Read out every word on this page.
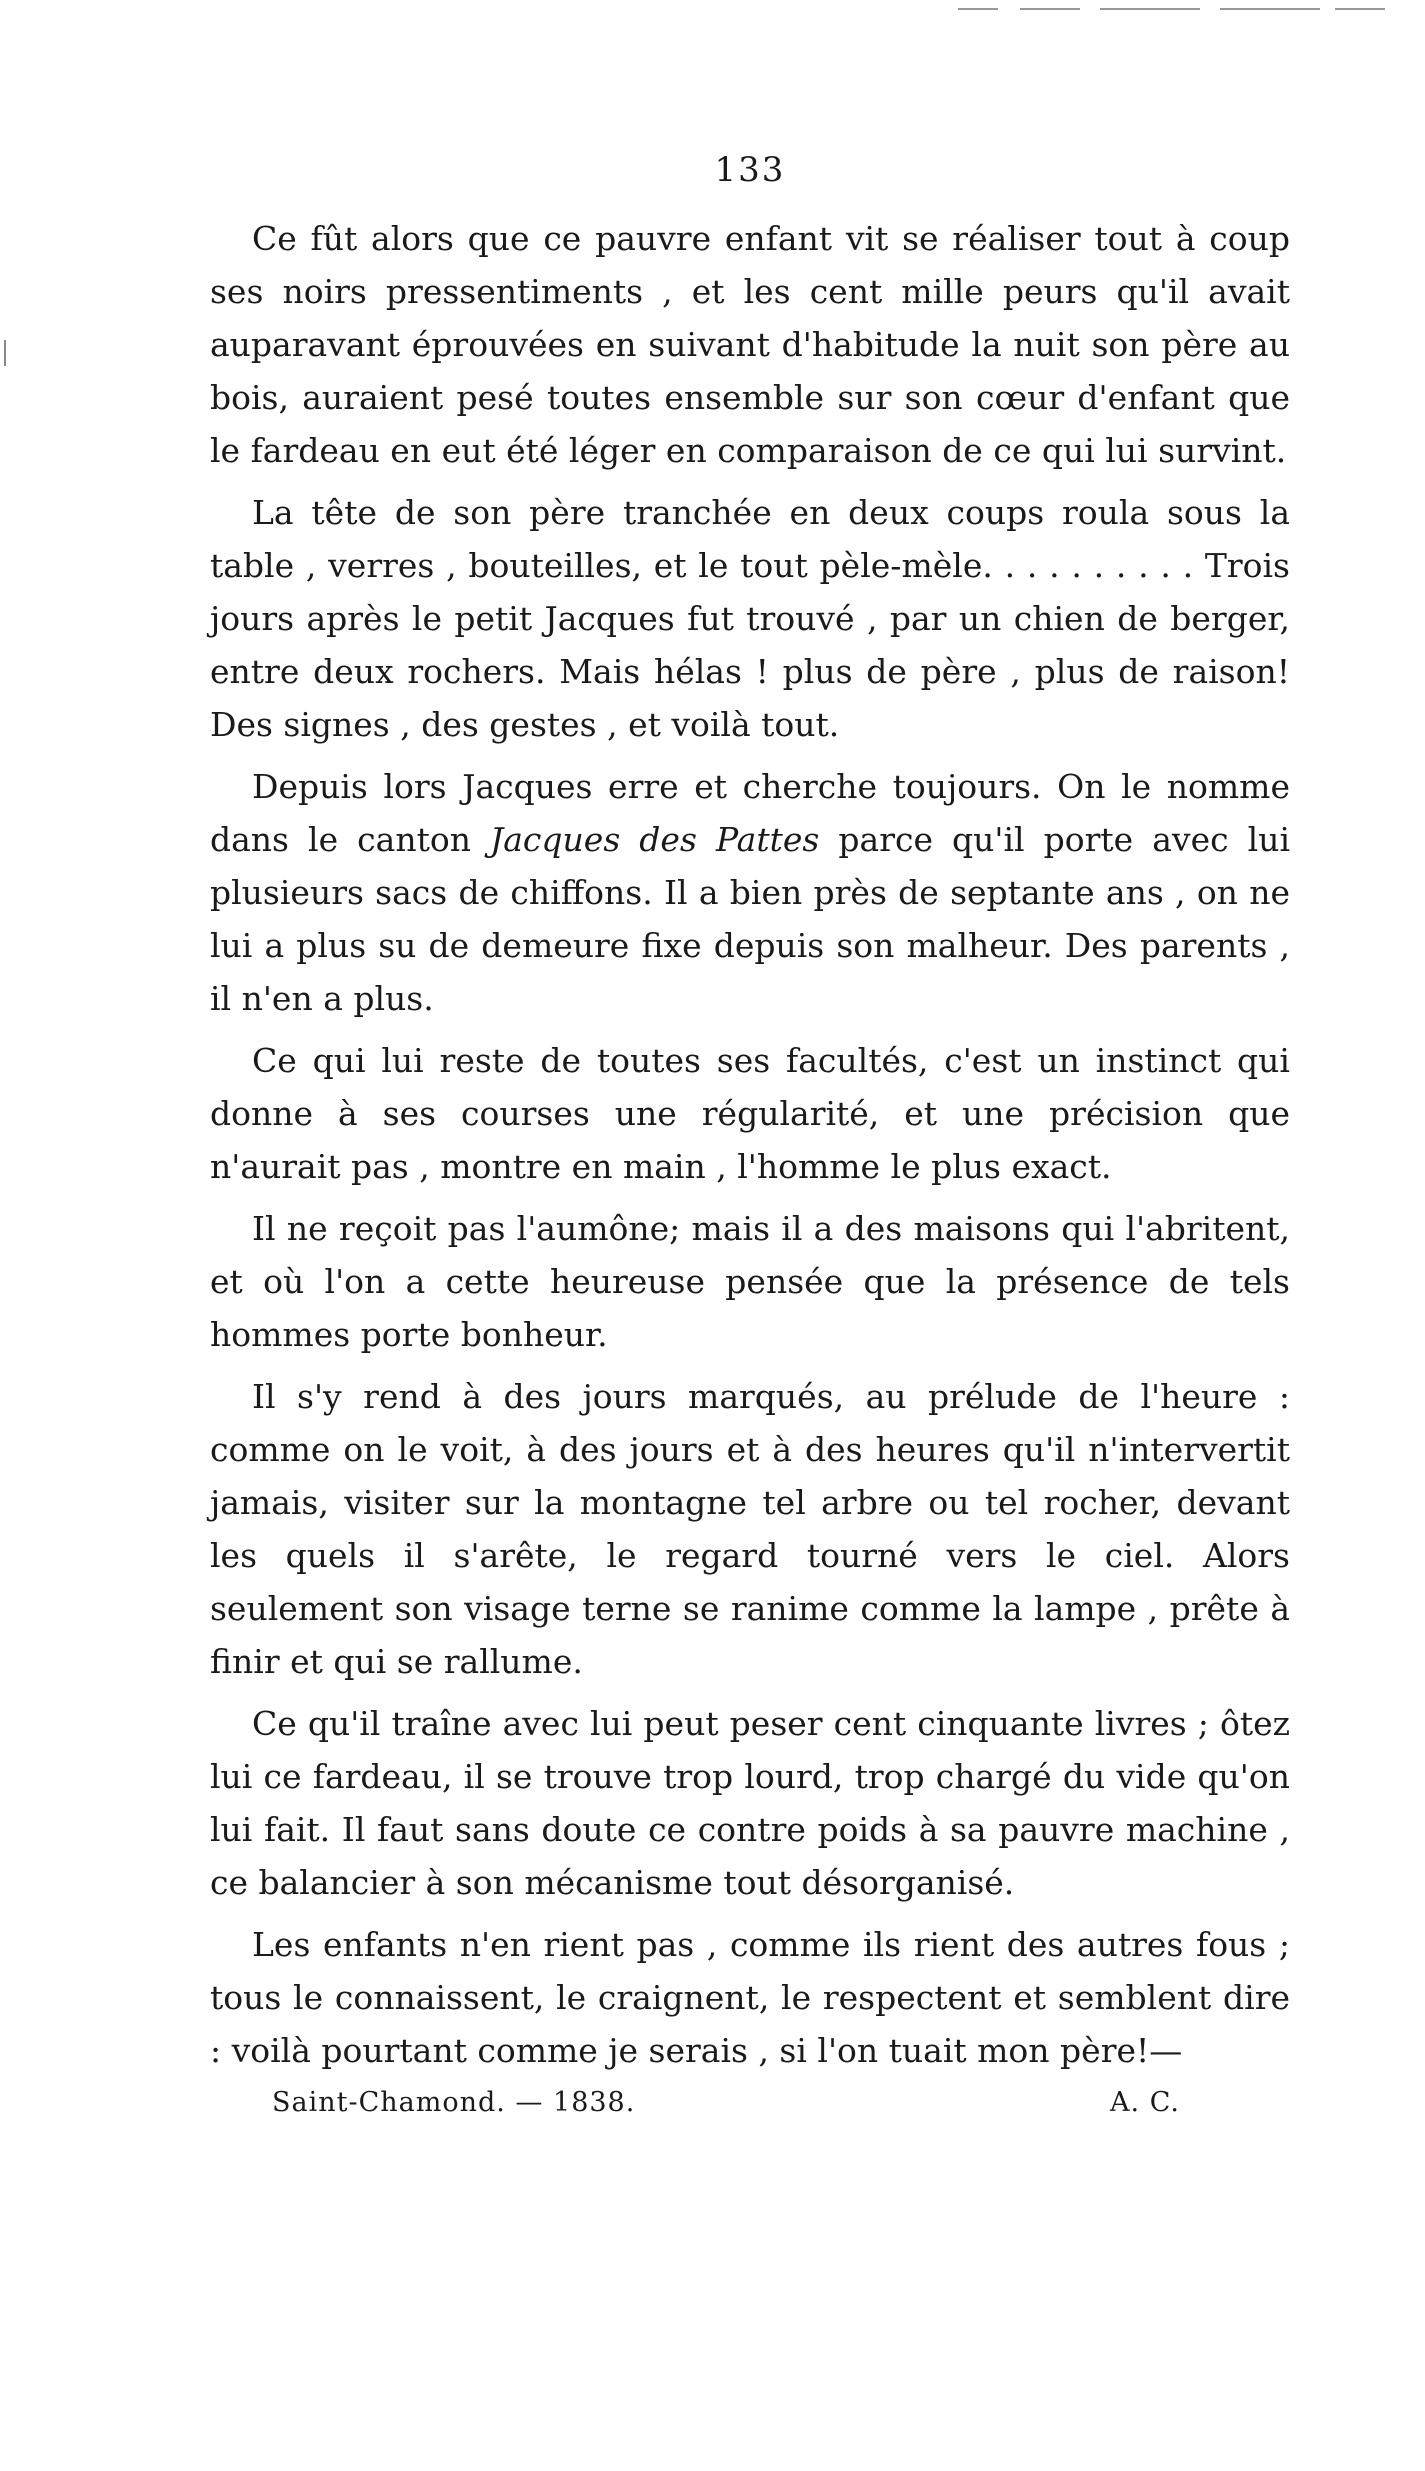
133

Ce fût alors que ce pauvre enfant vit se réaliser tout à coup ses noirs pressentiments , et les cent mille peurs qu'il avait auparavant éprouvées en suivant d'habitude la nuit son père au bois, auraient pesé toutes ensemble sur son cœur d'enfant que le fardeau en eut été léger en comparaison de ce qui lui survint.

La tête de son père tranchée en deux coups roula sous la table , verres , bouteilles, et le tout pèle-mèle. . . . . . . . . . Trois jours après le petit Jacques fut trouvé , par un chien de berger, entre deux rochers. Mais hélas ! plus de père , plus de raison! Des signes , des gestes , et voilà tout.

Depuis lors Jacques erre et cherche toujours. On le nomme dans le canton Jacques des Pattes parce qu'il porte avec lui plusieurs sacs de chiffons. Il a bien près de septante ans , on ne lui a plus su de demeure fixe depuis son malheur. Des parents , il n'en a plus.

Ce qui lui reste de toutes ses facultés, c'est un instinct qui donne à ses courses une régularité, et une précision que n'aurait pas , montre en main , l'homme le plus exact.

Il ne reçoit pas l'aumône; mais il a des maisons qui l'abritent, et où l'on a cette heureuse pensée que la présence de tels hommes porte bonheur.

Il s'y rend à des jours marqués, au prélude de l'heure : comme on le voit, à des jours et à des heures qu'il n'intervertit jamais, visiter sur la montagne tel arbre ou tel rocher, devant les quels il s'arête, le regard tourné vers le ciel. Alors seulement son visage terne se ranime comme la lampe , prête à finir et qui se rallume.

Ce qu'il traîne avec lui peut peser cent cinquante livres ; ôtez lui ce fardeau, il se trouve trop lourd, trop chargé du vide qu'on lui fait. Il faut sans doute ce contre poids à sa pauvre machine , ce balancier à son mécanisme tout désorganisé.

Les enfants n'en rient pas , comme ils rient des autres fous ; tous le connaissent, le craignent, le respectent et semblent dire : voilà pourtant comme je serais , si l'on tuait mon père!—

Saint-Chamond. — 1838.	A. C.
